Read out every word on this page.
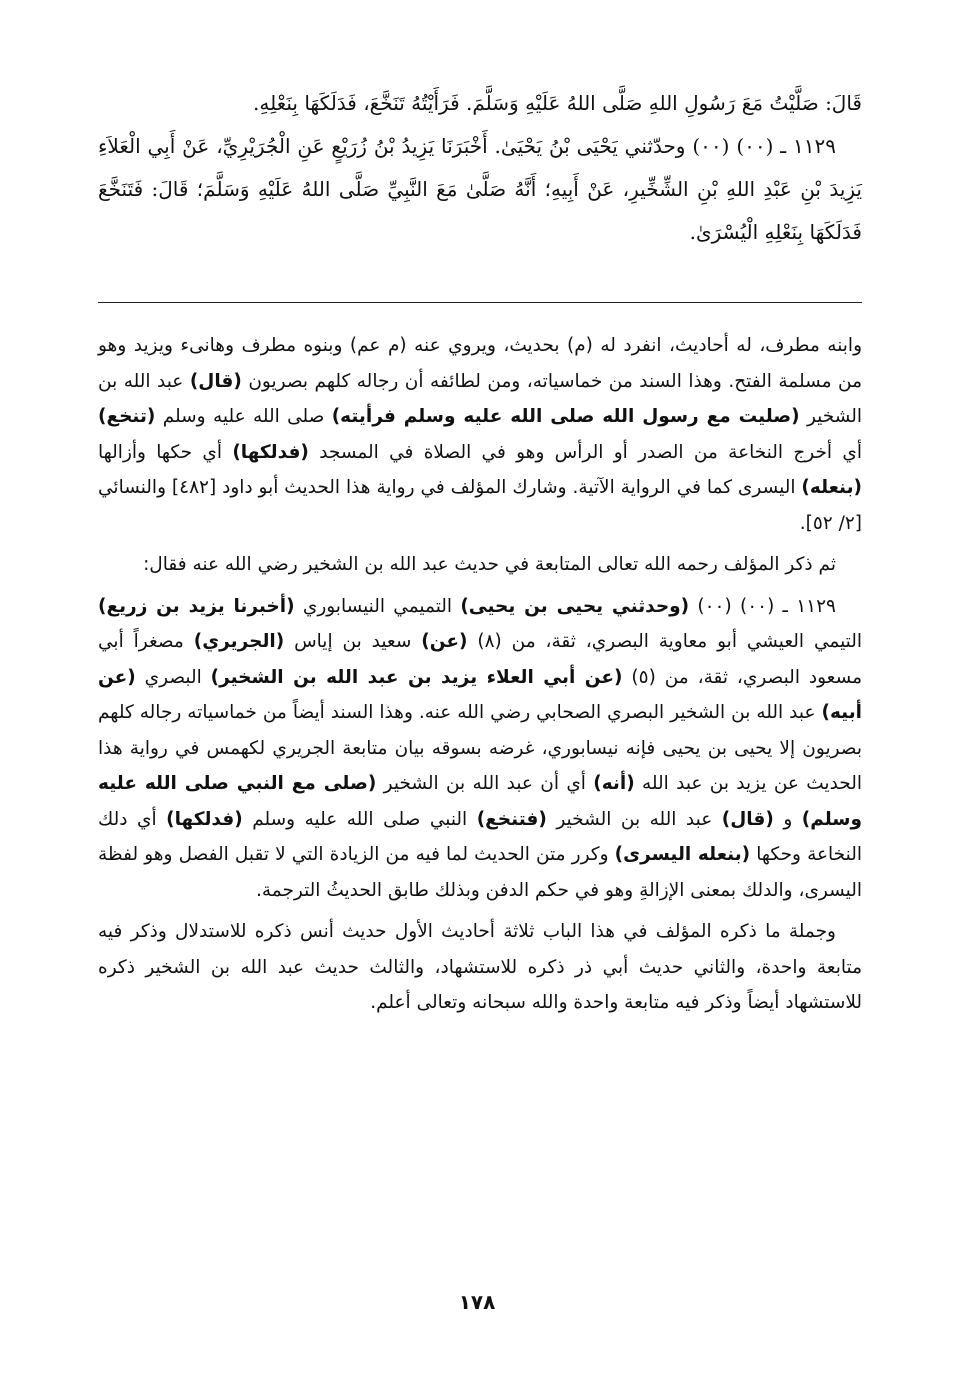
قَالَ: صَلَّيْتُ مَعَ رَسُولِ اللهِ صَلَّى اللهُ عَلَيْهِ وَسَلَّمَ. فَرَأَيْتُهُ تَنَخَّعَ، فَدَلَكَهَا بِنَعْلِهِ.

١١٢٩ ـ (٠٠) (٠٠) وحدّثني يَحْيَى بْنُ يَحْيَىٰ. أَخْبَرَنَا يَزِيدُ بْنُ زُرَيْعٍ عَنِ الْجُرَيْرِيِّ، عَنْ أَبِي الْعَلاَءِ يَزِيدَ بْنِ عَبْدِ اللهِ بْنِ الشِّخِّيرِ، عَنْ أَبِيهِ؛ أَنَّهُ صَلَّىٰ مَعَ النَّبِيِّ صَلَّى اللهُ عَلَيْهِ وَسَلَّمَ؛ قَالَ: فَتَنَخَّعَ فَدَلَكَهَا بِنَعْلِهِ الْيُسْرَىٰ.

وابنه مطرف، له أحاديث، انفرد له (م) بحديث، ويروي عنه (م عم) وبنوه مطرف وهانىء ويزيد وهو من مسلمة الفتح. وهذا السند من خماسياته، ومن لطائفه أن رجاله كلهم بصريون (قال) عبد الله بن الشخير (صليت مع رسول الله صلى الله عليه وسلم فرأيته) صلى الله عليه وسلم (تنخع) أي أخرج النخاعة من الصدر أو الرأس وهو في الصلاة في المسجد (فدلكها) أي حكها وأزالها (بنعله) اليسرى كما في الرواية الآتية. وشارك المؤلف في رواية هذا الحديث أبو داود [٤٨٢] والنسائي [٢/ ٥٢].

ثم ذكر المؤلف رحمه الله تعالى المتابعة في حديث عبد الله بن الشخير رضي الله عنه فقال:

١١٢٩ ـ (٠٠) (٠٠) (وحدثني يحيى بن يحيى) التميمي النيسابوري (أخبرنا يزيد بن زريع) التيمي العيشي أبو معاوية البصري، ثقة، من (٨) (عن) سعيد بن إياس (الجريري) مصغراً أبي مسعود البصري، ثقة، من (٥) (عن أبي العلاء يزيد بن عبد الله بن الشخير) البصري (عن أبيه) عبد الله بن الشخير البصري الصحابي رضي الله عنه. وهذا السند أيضاً من خماسياته رجاله كلهم بصريون إلا يحيى بن يحيى فإنه نيسابوري، غرضه بسوقه بيان متابعة الجريري لكهمس في رواية هذا الحديث عن يزيد بن عبد الله (أنه) أي أن عبد الله بن الشخير (صلى مع النبي صلى الله عليه وسلم) و (قال) عبد الله بن الشخير (فتنخع) النبي صلى الله عليه وسلم (فدلكها) أي دلك النخاعة وحكها (بنعله اليسرى) وكرر متن الحديث لما فيه من الزيادة التي لا تقبل الفصل وهو لفظة اليسرى، والدلك بمعنى الإزالةِ وهو في حكم الدفن وبذلك طابق الحديثُ الترجمة.

وجملة ما ذكره المؤلف في هذا الباب ثلاثة أحاديث الأول حديث أنس ذكره للاستدلال وذكر فيه متابعة واحدة، والثاني حديث أبي ذر ذكره للاستشهاد، والثالث حديث عبد الله بن الشخير ذكره للاستشهاد أيضاً وذكر فيه متابعة واحدة والله سبحانه وتعالى أعلم.

١٧٨
